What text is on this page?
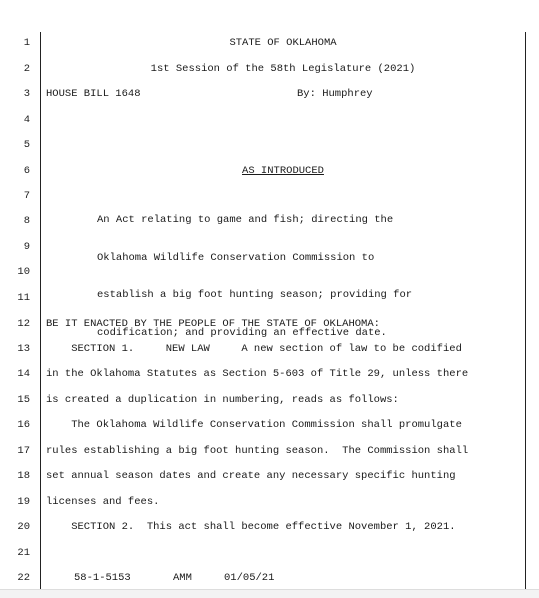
1
2
3
4
5
6
7
8
9
10
11
12
13
14
15
16
17
18
19
20
21
22
STATE OF OKLAHOMA
1st Session of the 58th Legislature (2021)
HOUSE BILL 1648	By: Humphrey
AS INTRODUCED

An Act relating to game and fish; directing the

Oklahoma Wildlife Conservation Commission to

establish a big foot hunting season; providing for

codification; and providing an effective date.

BE IT ENACTED BY THE PEOPLE OF THE STATE OF OKLAHOMA:
SECTION 1.     NEW LAW     A new section of law to be codified
in the Oklahoma Statutes as Section 5-603 of Title 29, unless there
is created a duplication in numbering, reads as follows:
The Oklahoma Wildlife Conservation Commission shall promulgate
rules establishing a big foot hunting season.  The Commission shall
set annual season dates and create any necessary specific hunting
licenses and fees.
SECTION 2.  This act shall become effective November 1, 2021.
58-1-5153	AMM	01/05/21
